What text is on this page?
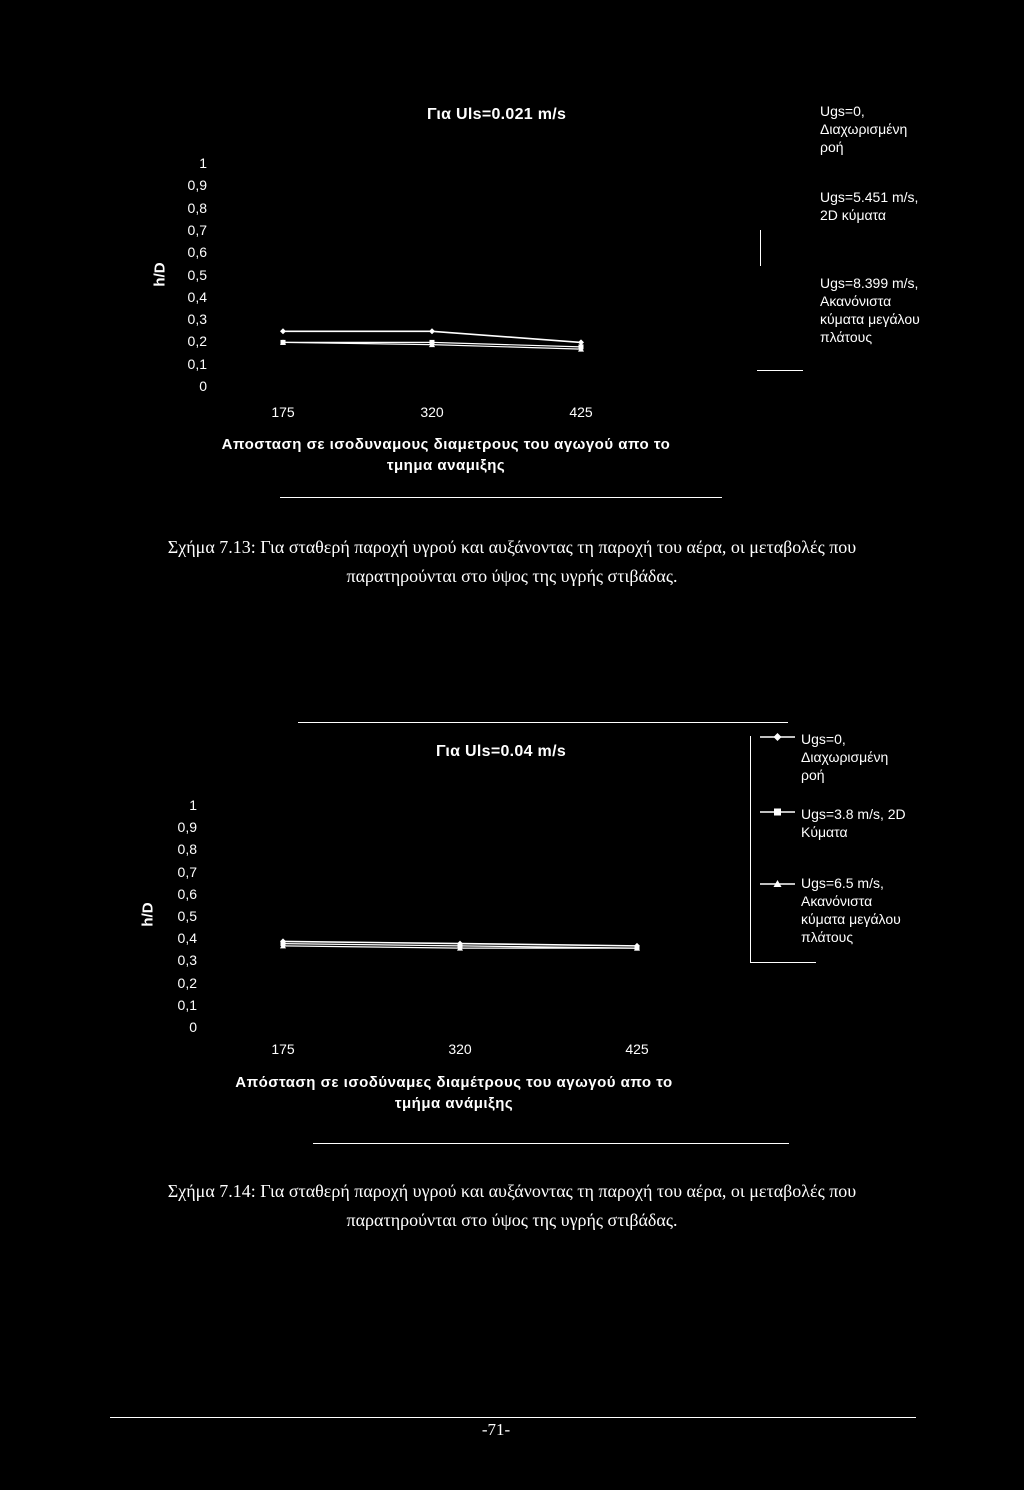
Για Uls=0.021 m/s
h/D
1
0,9
0,8
0,7
0,6
0,5
0,4
0,3
0,2
0,1
0
175	320	425
Αποσταση σε ισοδυναμους διαμετρους του αγωγού απο το
τμημα αναμιξης
Ugs=0,
Διαχωρισμένη
ροή
Ugs=5.451 m/s,
2D κύματα
Ugs=8.399 m/s,
Ακανόνιστα
κύματα μεγάλου
πλάτους
Σχήμα 7.13: Για σταθερή παροχή υγρού και αυξάνοντας τη παροχή του αέρα, οι μεταβολές που
παρατηρούνται στο ύψος της υγρής στιβάδας.
Για Uls=0.04 m/s
h/D
1
0,9
0,8
0,7
0,6
0,5
0,4
0,3
0,2
0,1
0
175	320	425
Απόσταση σε ισοδύναμες διαμέτρους του αγωγού απο το
τμήμα ανάμιξης
Ugs=0,
Διαχωρισμένη
ροή
Ugs=3.8 m/s, 2D
Κύματα
Ugs=6.5 m/s,
Ακανόνιστα
κύματα μεγάλου
πλάτους
Σχήμα 7.14: Για σταθερή παροχή υγρού και αυξάνοντας τη παροχή του αέρα, οι μεταβολές που
παρατηρούνται στο ύψος της υγρής στιβάδας.
-71-
